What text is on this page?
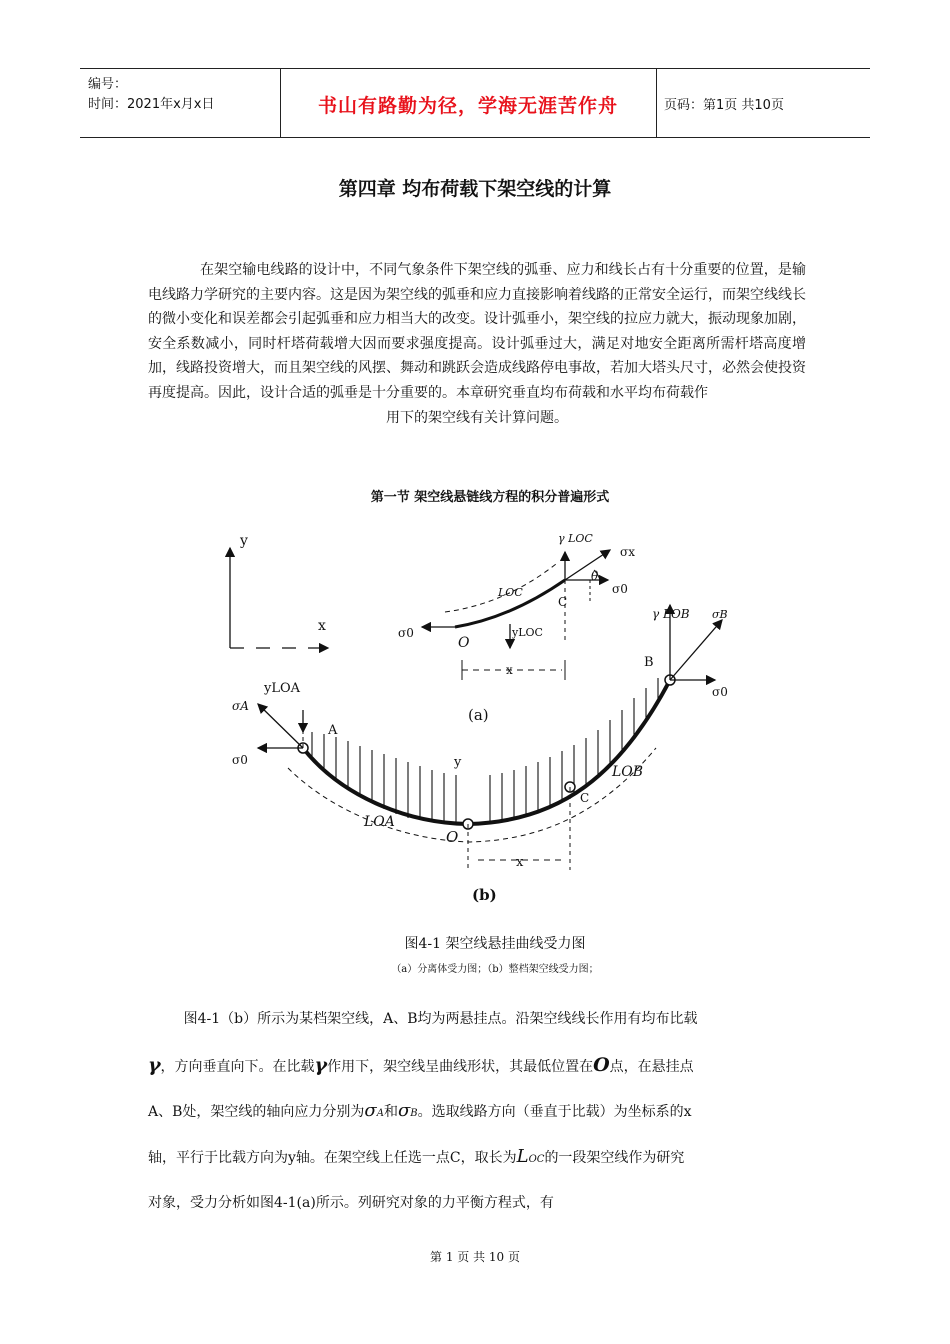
编号：
时间：2021年x月x日	书山有路勤为径，学海无涯苦作舟	页码：第1页 共10页
第四章 均布荷载下架空线的计算

在架空输电线路的设计中，不同气象条件下架空线的弧垂、应力和线长占有十分重要的位置，是输电线路力学研究的主要内容。这是因为架空线的弧垂和应力直接影响着线路的正常安全运行，而架空线线长的微小变化和误差都会引起弧垂和应力相当大的改变。设计弧垂小，架空线的拉应力就大，振动现象加剧，安全系数减小，同时杆塔荷载增大因而要求强度提高。设计弧垂过大，满足对地安全距离所需杆塔高度增加，线路投资增大，而且架空线的风摆、舞动和跳跃会造成线路停电事故，若加大塔头尺寸，必然会使投资再度提高。因此，设计合适的弧垂是十分重要的。本章研究垂直均布荷载和水平均布荷载作

用下的架空线有关计算问题。

第一节 架空线悬链线方程的积分普遍形式
y
x	σ0
σx
σ0
θ
γ LOC
LOC
yLOC
O
C
x
(a)
σA
σ0
yLOA
A
y
LOA
O
C
LOB
B
γ LOB σB
σ0
x
(b)
图4-1 架空线悬挂曲线受力图
（a）分离体受力图；（b）整档架空线受力图；
图4-1（b）所示为某档架空线，A、B均为两悬挂点。沿架空线线长作用有均布比载
γ，方向垂直向下。在比载γ作用下，架空线呈曲线形状，其最低位置在O点，在悬挂点
A、B处，架空线的轴向应力分别为σA和σB。选取线路方向（垂直于比载）为坐标系的x
轴，平行于比载方向为y轴。在架空线上任选一点C，取长为LOC的一段架空线作为研究
对象，受力分析如图4-1(a)所示。列研究对象的力平衡方程式，有
第 1 页 共 10 页
